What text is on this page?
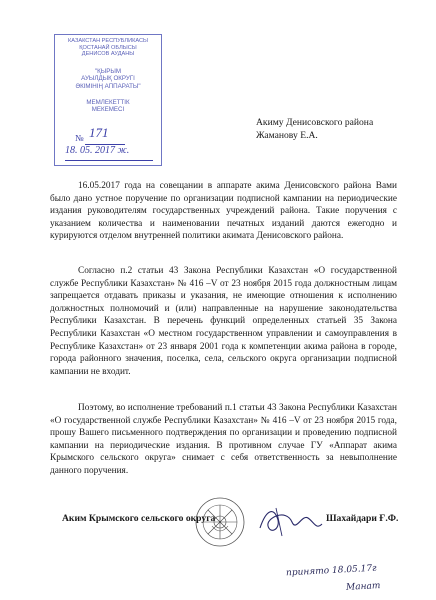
КАЗАКСТАН РЕСПУБЛИКАСЫ
ҚОСТАНАЙ ОБЛЫСЫ
ДЕНИСОВ АУДАНЫ
"ҚЫРЫМ
АУЫЛДЫҚ ОКРУГІ
ӘКІМІНІҢ АППАРАТЫ"
МЕМЛЕКЕТТІК
МЕКЕМЕСІ
№ 171
18. 05. 2017 ж.
Акиму Денисовского района
Жаманову Е.А.
16.05.2017 года на совещании в аппарате акима Денисовского района Вами было дано устное поручение по организации подписной кампании на периодические издания руководителям государственных учреждений района. Такие поручения с указанием количества и наименовании печатных изданий даются ежегодно и курируются отделом внутренней политики акимата Денисовского района.
Согласно п.2 статьи 43 Закона Республики Казахстан «О государственной службе Республики Казахстан» № 416 –V от 23 ноября 2015 года должностным лицам запрещается отдавать приказы и указания, не имеющие отношения к исполнению должностных полномочий и (или) направленные на нарушение законодательства Республики Казахстан. В перечень функций определенных статьей 35 Закона Республики Казахстан «О местном государственном управлении и самоуправления в Республике Казахстан» от 23 января 2001 года к компетенции акима района в городе, города районного значения, поселка, села, сельского округа организации подписной кампании не входит.
Поэтому, во исполнение требований п.1 статьи 43 Закона Республики Казахстан «О государственной службе Республики Казахстан» № 416 –V от 23 ноября 2015 года, прошу Вашего письменного подтверждения по организации и проведению подписной кампании на периодические издания. В противном случае ГУ «Аппарат акима Крымского сельского округа» снимает с себя ответственность за невыполнение данного поручения.
Аким Крымского сельского округа	Шахайдари Ғ.Ф.
принято 18.05.17г
Манат
